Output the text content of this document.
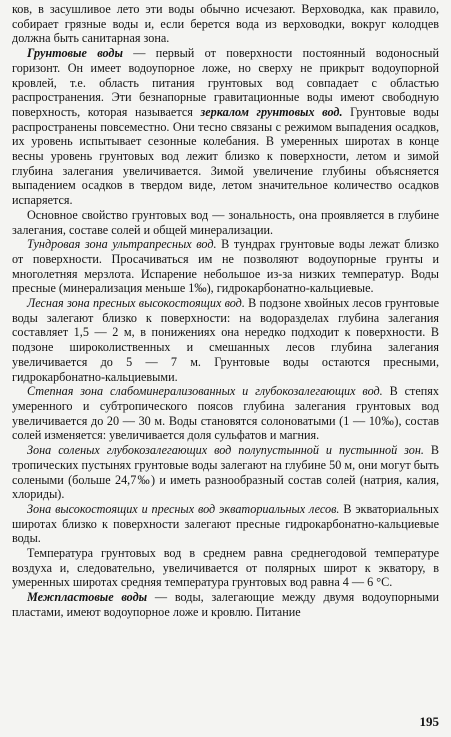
ков, в засушливое лето эти воды обычно исчезают. Верховодка, как правило, собирает грязные воды и, если берется вода из верховодки, вокруг колодцев должна быть санитарная зона.

Грунтовые воды — первый от поверхности постоянный водоносный горизонт. Он имеет водоупорное ложе, но сверху не прикрыт водоупорной кровлей, т.е. область питания грунтовых вод совпадает с областью распространения. Эти безнапорные гравитационные воды имеют свободную поверхность, которая называется зеркалом грунтовых вод. Грунтовые воды распространены повсеместно. Они тесно связаны с режимом выпадения осадков, их уровень испытывает сезонные колебания. В умеренных широтах в конце весны уровень грунтовых вод лежит близко к поверхности, летом и зимой глубина залегания увеличивается. Зимой увеличение глубины объясняется выпадением осадков в твердом виде, летом значительное количество осадков испаряется.

Основное свойство грунтовых вод — зональность, она проявляется в глубине залегания, составе солей и общей минерализации.

Тундровая зона ультрапресных вод. В тундрах грунтовые воды лежат близко от поверхности. Просачиваться им не позволяют водоупорные грунты и многолетняя мерзлота. Испарение небольшое из-за низких температур. Воды пресные (минерализация меньше 1‰), гидрокарбонатно-кальциевые.

Лесная зона пресных высокостоящих вод. В подзоне хвойных лесов грунтовые воды залегают близко к поверхности: на водоразделах глубина залегания составляет 1,5 — 2 м, в понижениях она нередко подходит к поверхности. В подзоне широколиственных и смешанных лесов глубина залегания увеличивается до 5 — 7 м. Грунтовые воды остаются пресными, гидрокарбонатно-кальциевыми.

Степная зона слабоминерализованных и глубокозалегающих вод. В степях умеренного и субтропического поясов глубина залегания грунтовых вод увеличивается до 20 — 30 м. Воды становятся солоноватыми (1 — 10‰), состав солей изменяется: увеличивается доля сульфатов и магния.

Зона соленых глубокозалегающих вод полупустынной и пустынной зон. В тропических пустынях грунтовые воды залегают на глубине 50 м, они могут быть солеными (больше 24,7‰) и иметь разнообразный состав солей (натрия, калия, хлориды).

Зона высокостоящих и пресных вод экваториальных лесов. В экваториальных широтах близко к поверхности залегают пресные гидрокарбонатно-кальциевые воды.

Температура грунтовых вод в среднем равна среднегодовой температуре воздуха и, следовательно, увеличивается от полярных широт к экватору, в умеренных широтах средняя температура грунтовых вод равна 4 — 6 °С.

Межпластовые воды — воды, залегающие между двумя водоупорными пластами, имеют водоупорное ложе и кровлю. Питание

195
